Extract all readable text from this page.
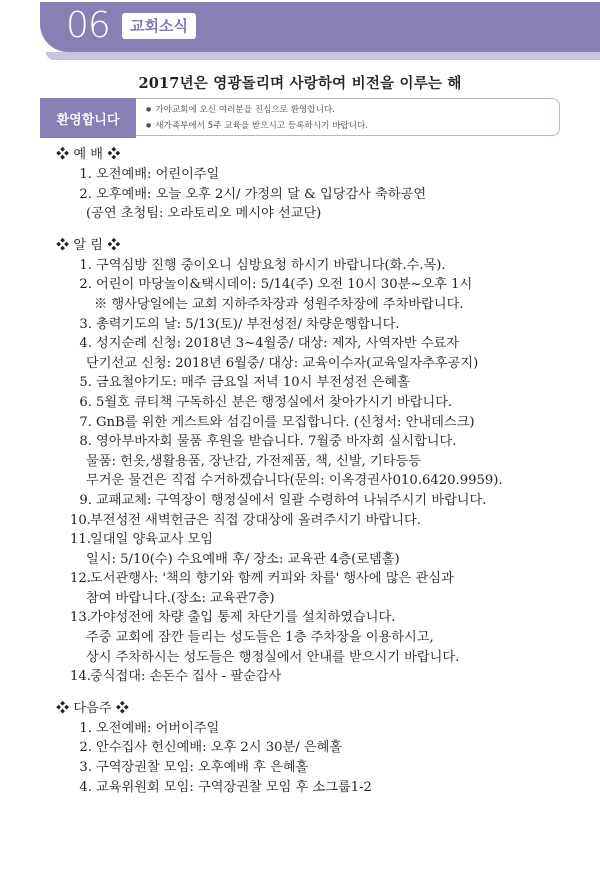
06	교회소식
2017년은 영광돌리며 사랑하여 비전을 이루는 해
환영합니다
● 가야교회에 오신 여러분을 진심으로 환영합니다.
● 새가족부에서 5주 교육을 받으시고 등록하시기 바랍니다.
❖ 예 배 ❖
1. 오전예배: 어린이주일
2. 오후예배: 오늘 오후 2시/ 가정의 달 & 입당감사 축하공연
(공연 초청팀: 오라토리오 메시야 선교단)
❖ 알 림 ❖
1. 구역심방 진행 중이오니 심방요청 하시기 바랍니다(화.수.목).
2. 어린이 마당놀이&택시데이: 5/14(주) 오전 10시 30분~오후 1시
※ 행사당일에는 교회 지하주차장과 성원주차장에 주차바랍니다.
3. 총력기도의 날: 5/13(토)/ 부전성전/ 차량운행합니다.
4. 성지순례 신청: 2018년 3~4월중/ 대상: 제자, 사역자반 수료자
단기선교 신청: 2018년 6월중/ 대상: 교육이수자(교육일자추후공지)
5. 금요철야기도: 매주 금요일 저녁 10시 부전성전 은혜홀
6. 5월호 큐티책 구독하신 분은 행정실에서 찾아가시기 바랍니다.
7. GnB를 위한 게스트와 섬김이를 모집합니다. (신청서: 안내데스크)
8. 영아부바자회 물품 후원을 받습니다. 7월중 바자회 실시합니다.
물품: 헌옷,생활용품, 장난감, 가전제품, 책, 신발, 기타등등
무거운 물건은 직접 수거하겠습니다(문의: 이옥경권사010.6420.9959).
9. 교패교체: 구역장이 행정실에서 일괄 수령하여 나눠주시기 바랍니다.
10.부전성전 새벽헌금은 직접 강대상에 올려주시기 바랍니다.
11.일대일 양육교사 모임
일시: 5/10(수) 수요예배 후/ 장소: 교육관 4층(로뎀홀)
12.도서관행사: '책의 향기와 함께 커피와 차를' 행사에 많은 관심과
참여 바랍니다.(장소: 교육관7층)
13.가야성전에 차량 출입 통제 차단기를 설치하였습니다.
주중 교회에 잠깐 들리는 성도들은 1층 주차장을 이용하시고,
상시 주차하시는 성도들은 행정실에서 안내를 받으시기 바랍니다.
14.중식접대: 손돈수 집사 - 팔순감사
❖ 다음주 ❖
1. 오전예배: 어버이주일
2. 안수집사 헌신예배: 오후 2시 30분/ 은혜홀
3. 구역장권찰 모임: 오후예배 후 은혜홀
4. 교육위원회 모임: 구역장권찰 모임 후 소그룹1-2
